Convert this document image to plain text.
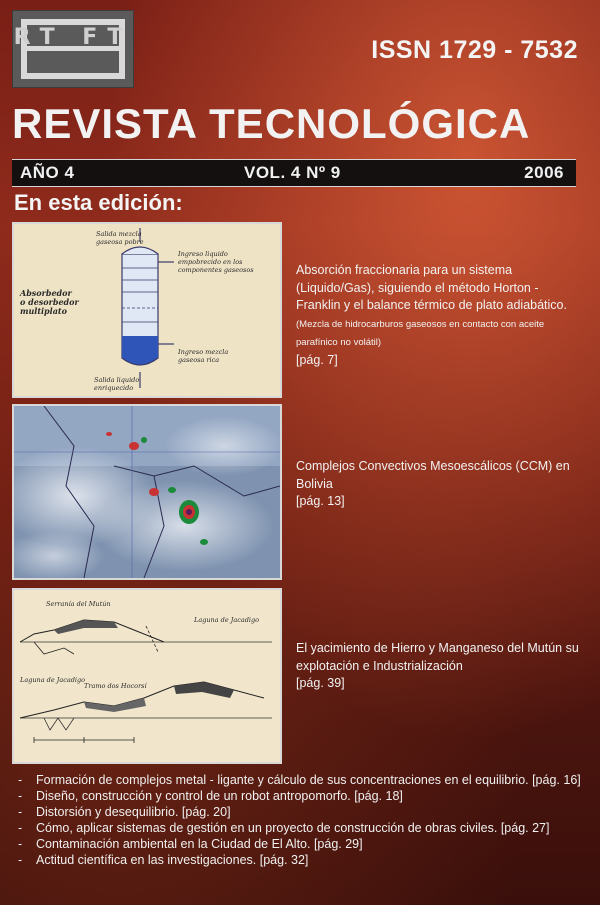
RT FT	ISSN 1729 - 7532
REVISTA TECNOLÓGICA
AÑO 4	VOL. 4 Nº 9	2006
En esta edición:
Salida mezcla
gaseosa pobre
Absorbedor
o desorbedor
multiplato
Ingreso liquido
empobrecido en los
componentes gaseosos
Ingreso mezcla
gaseosa rica
Salida liquido
enriquecido
Absorción fraccionaria para un sistema (Liquido/Gas), siguiendo el método Horton - Franklin y el balance térmico de plato adiabático. (Mezcla de hidrocarburos gaseosos en contacto con aceite parafínico no volátil)
[pág. 7]
Complejos Convectivos Mesoescálicos (CCM) en Bolivia
[pág. 13]
Serranía del Mutún
Laguna de Jacadigo
Laguna de Jacadigo
Tramo dos Hocorsí
El yacimiento de Hierro y Manganeso del Mutún su explotación e Industrialización
[pág. 39]
- Formación de complejos metal - ligante y cálculo de sus concentraciones en el equilibrio. [pág. 16]
- Diseño, construcción y control de un robot antropomorfo. [pág. 18]
- Distorsión y desequilibrio. [pág. 20]
- Cómo, aplicar sistemas de gestión en un proyecto de construcción de obras civiles. [pág. 27]
- Contaminación ambiental en la Ciudad de El Alto. [pág. 29]
- Actitud científica en las investigaciones. [pág. 32]
